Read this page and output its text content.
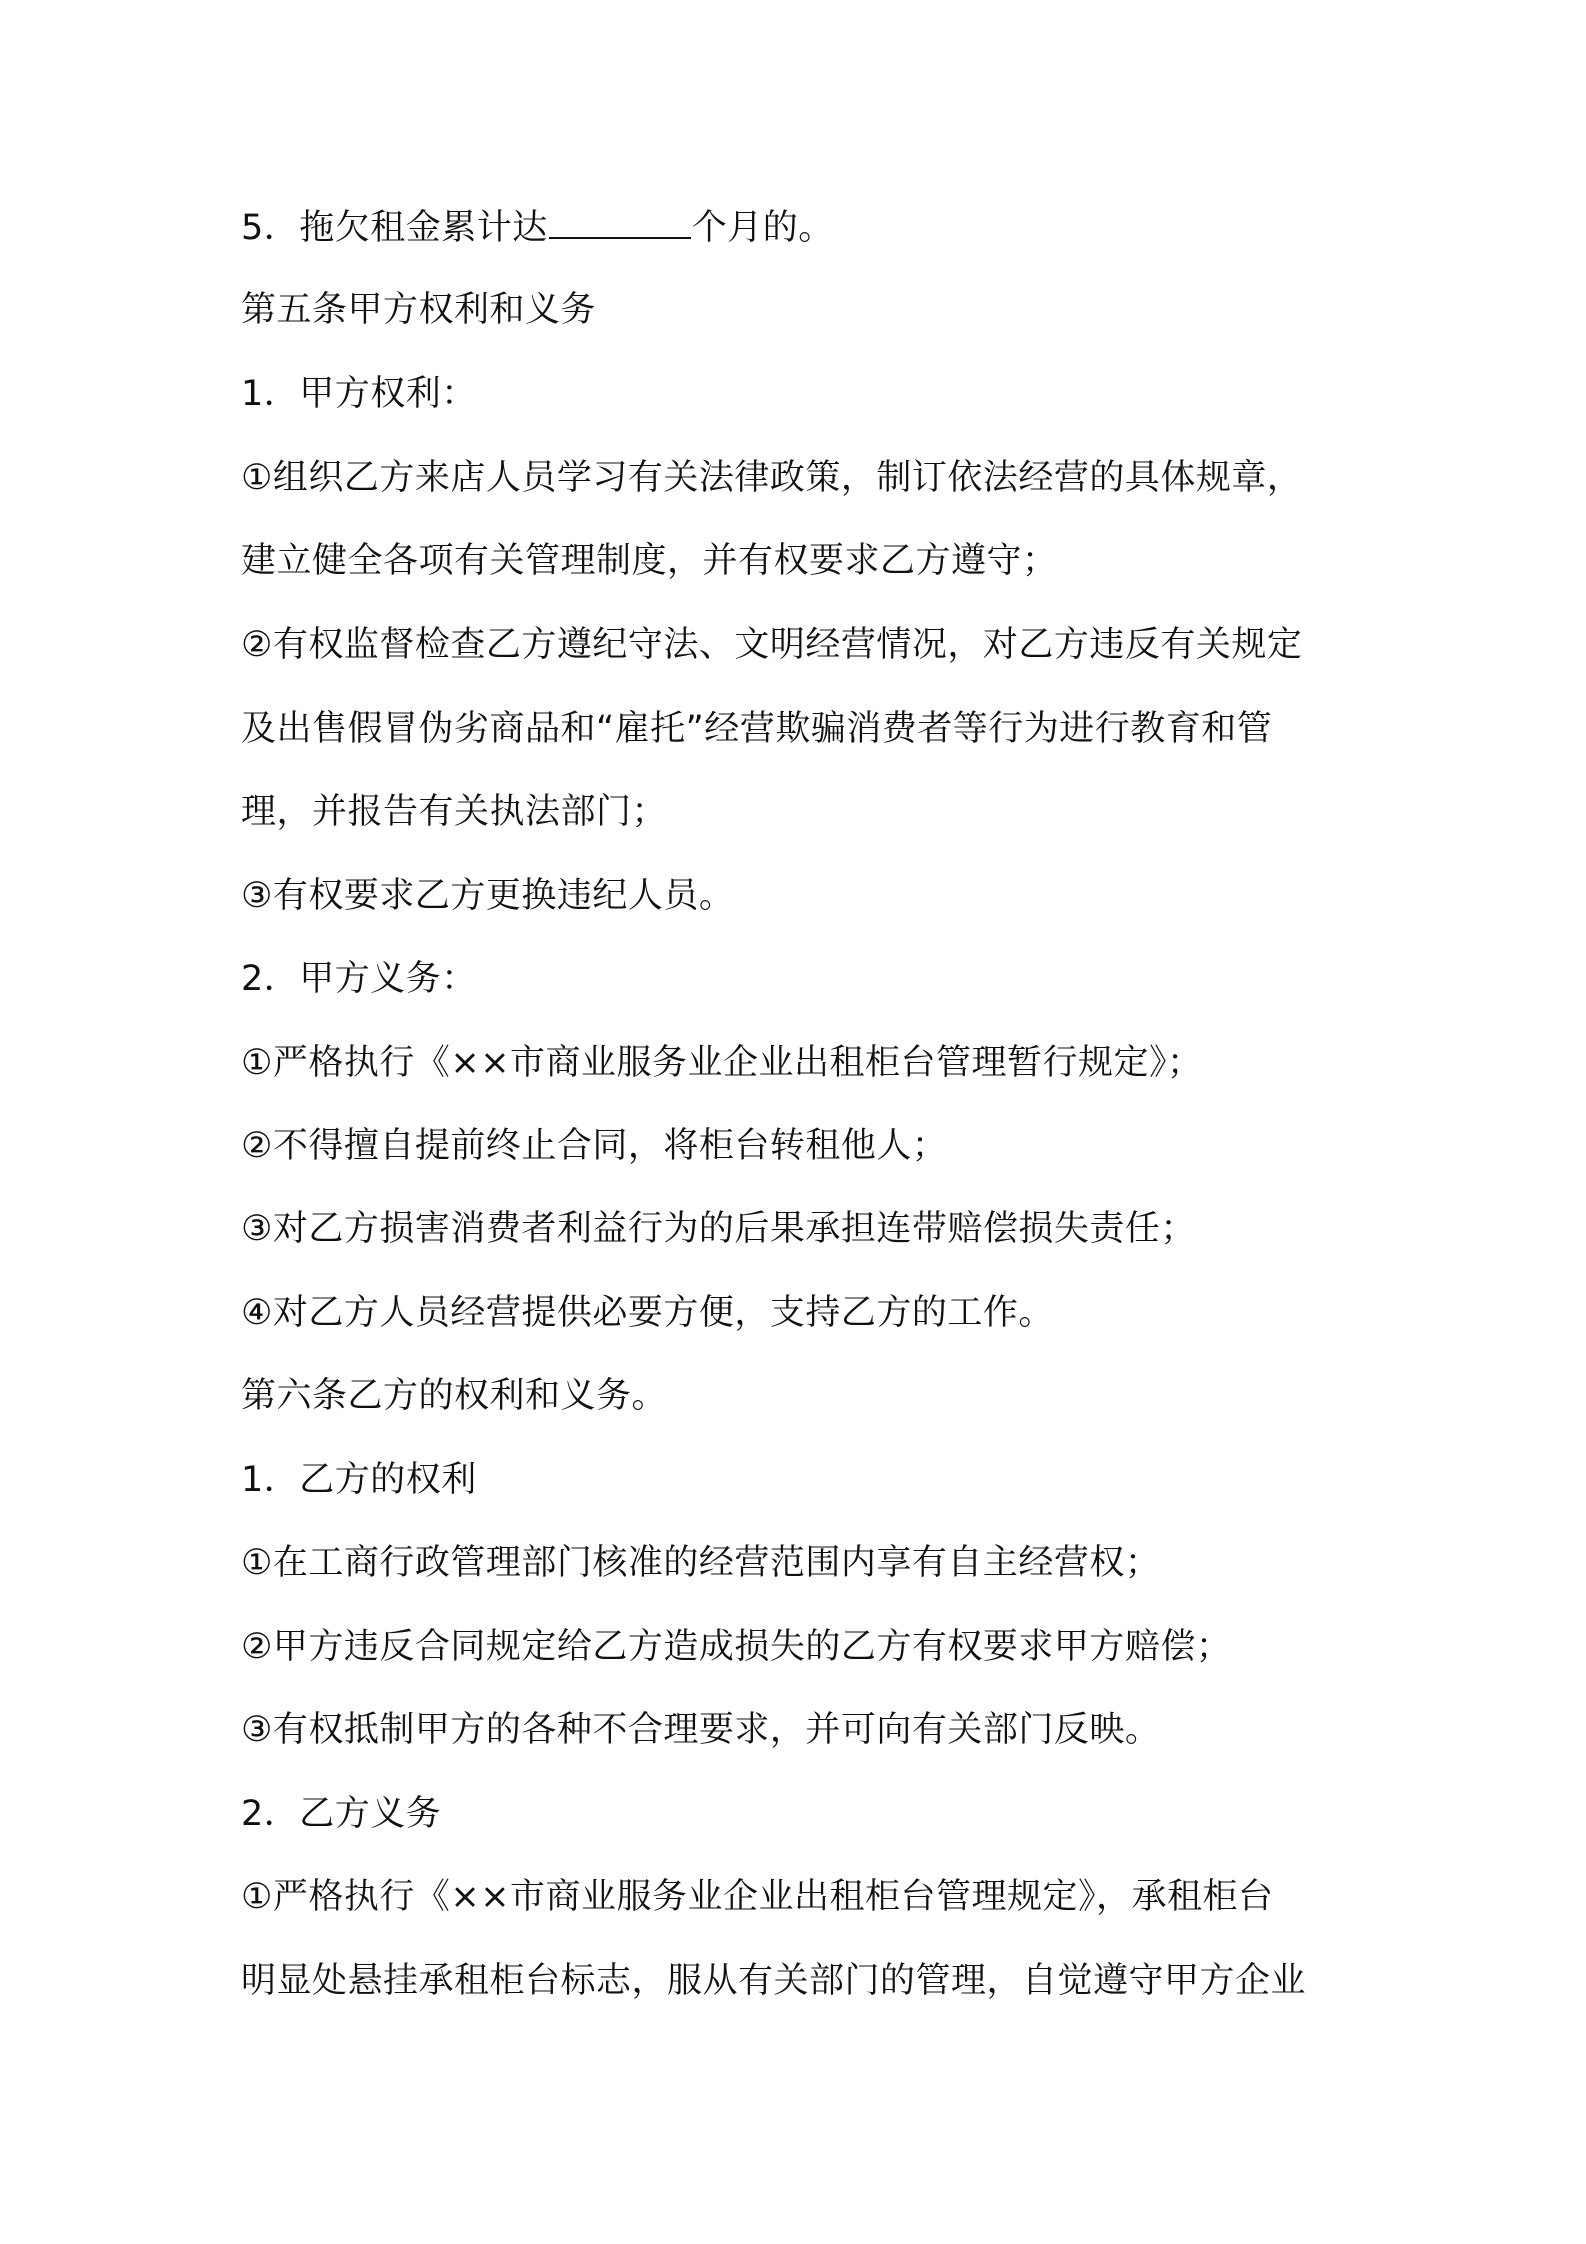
5．拖欠租金累计达	个月的。
第五条甲方权利和义务
1．甲方权利：
①组织乙方来店人员学习有关法律政策，制订依法经营的具体规章，
建立健全各项有关管理制度，并有权要求乙方遵守；
②有权监督检查乙方遵纪守法、文明经营情况，对乙方违反有关规定
及出售假冒伪劣商品和“雇托”经营欺骗消费者等行为进行教育和管
理，并报告有关执法部门；
③有权要求乙方更换违纪人员。
2．甲方义务：
①严格执行《××市商业服务业企业出租柜台管理暂行规定》；
②不得擅自提前终止合同，将柜台转租他人；
③对乙方损害消费者利益行为的后果承担连带赔偿损失责任；
④对乙方人员经营提供必要方便，支持乙方的工作。
第六条乙方的权利和义务。
1．乙方的权利
①在工商行政管理部门核准的经营范围内享有自主经营权；
②甲方违反合同规定给乙方造成损失的乙方有权要求甲方赔偿；
③有权抵制甲方的各种不合理要求，并可向有关部门反映。
2．乙方义务
①严格执行《××市商业服务业企业出租柜台管理规定》，承租柜台
明显处悬挂承租柜台标志，服从有关部门的管理，自觉遵守甲方企业
